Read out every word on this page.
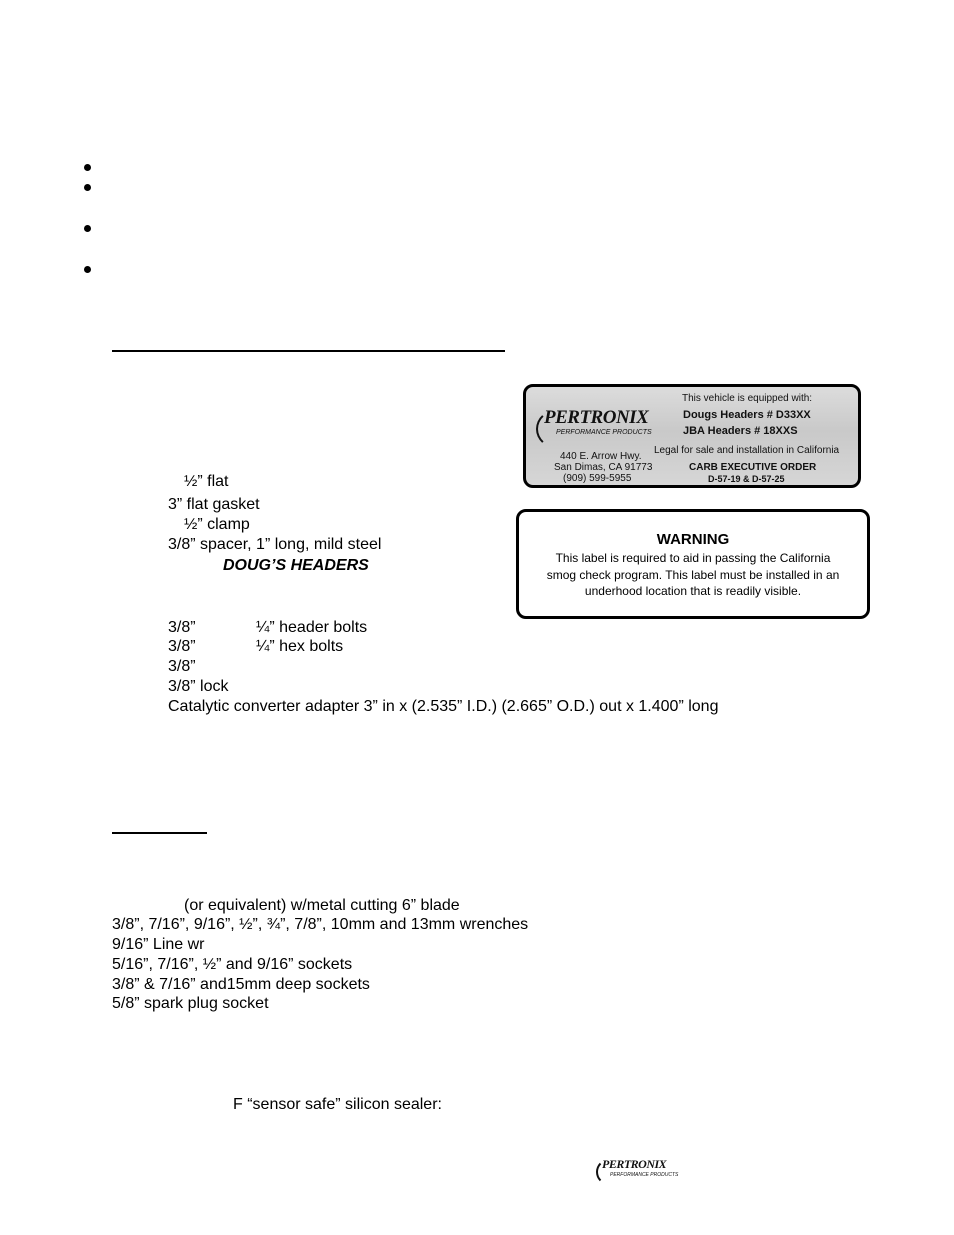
½” flat
3” flat gasket
½” clamp
3/8” spacer, 1” long, mild steel
DOUG’S HEADERS
3/8”	¼” header bolts
3/8”	¼” hex bolts
3/8”
3/8” lock
Catalytic converter adapter 3” in x (2.535” I.D.) (2.665” O.D.) out x 1.400” long
(or equivalent) w/metal cutting 6” blade
3/8”, 7/16”, 9/16”, ½”, ¾”, 7/8”, 10mm and 13mm wrenches
9/16” Line wr
5/16”, 7/16”, ½” and 9/16” sockets
3/8” & 7/16” and15mm deep sockets
5/8” spark plug socket
F “sensor safe” silicon sealer:
PERTRONIX
PERFORMANCE PRODUCTS
440 E. Arrow Hwy.
San Dimas, CA 91773
(909) 599-5955
This vehicle is equipped with:
Dougs Headers # D33XX
JBA Headers # 18XXS
Legal for sale and installation in California
CARB EXECUTIVE ORDER
D-57-19 & D-57-25
WARNING
This label is required to aid in passing the California
smog check program. This label must be installed in an
underhood location that is readily visible.
PERTRONIX
PERFORMANCE PRODUCTS
